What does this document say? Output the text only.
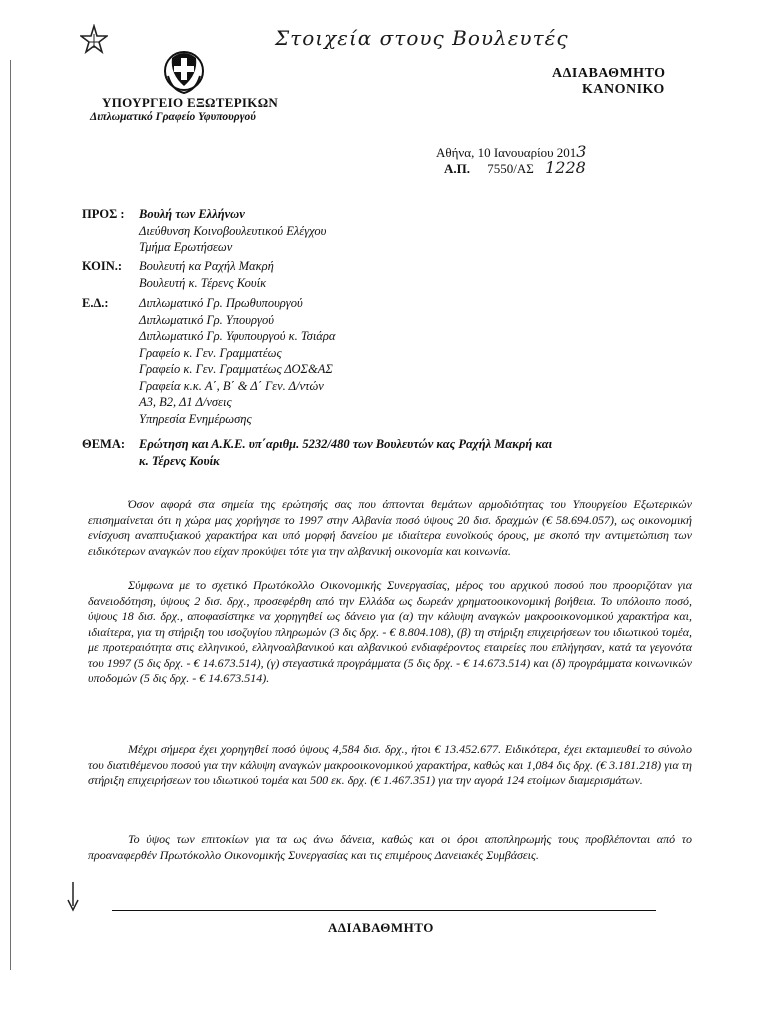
Στοιχεία στους Βουλευτές
ΥΠΟΥΡΓΕΙΟ ΕΞΩΤΕΡΙΚΩΝ
Διπλωματικό Γραφείο Υφυπουργού
ΑΔΙΑΒΑΘΜΗΤΟ
ΚΑΝΟΝΙΚΟ
Αθήνα, 10 Ιανουαρίου 2013
Α.Π. 7550/ΑΣ 1228
ΠΡΟΣ : Βουλή των Ελλήνων
Διεύθυνση Κοινοβουλευτικού Ελέγχου
Τμήμα Ερωτήσεων
ΚΟΙΝ.: Βουλευτή κα Ραχήλ Μακρή
Βουλευτή κ. Τέρενς Κουίκ
Ε.Δ.: Διπλωματικό Γρ. Πρωθυπουργού
Διπλωματικό Γρ. Υπουργού
Διπλωματικό Γρ. Υφυπουργού κ. Τσιάρα
Γραφείο κ. Γεν. Γραμματέως
Γραφείο κ. Γεν. Γραμματέως ΔΟΣ&ΑΣ
Γραφεία κ.κ. Α΄, Β΄ & Δ΄ Γεν. Δ/ντών
Α3, Β2, Δ1 Δ/νσεις
Υπηρεσία Ενημέρωσης
ΘΕΜΑ: Ερώτηση και Α.Κ.Ε. υπ΄αριθμ. 5232/480 των Βουλευτών κας Ραχήλ Μακρή και
κ. Τέρενς Κουίκ
Όσον αφορά στα σημεία της ερώτησής σας που άπτονται θεμάτων αρμοδιότητας του Υπουργείου Εξωτερικών επισημαίνεται ότι η χώρα μας χορήγησε το 1997 στην Αλβανία ποσό ύψους 20 δισ. δραχμών (€ 58.694.057), ως οικονομική ενίσχυση αναπτυξιακού χαρακτήρα και υπό μορφή δανείου με ιδιαίτερα ευνοϊκούς όρους, με σκοπό την αντιμετώπιση των ειδικότερων αναγκών που είχαν προκύψει τότε για την αλβανική οικονομία και κοινωνία.
Σύμφωνα με το σχετικό Πρωτόκολλο Οικονομικής Συνεργασίας, μέρος του αρχικού ποσού που προοριζόταν για δανειοδότηση, ύψους 2 δισ. δρχ., προσεφέρθη από την Ελλάδα ως δωρεάν χρηματοοικονομική βοήθεια. Το υπόλοιπο ποσό, ύψους 18 δισ. δρχ., αποφασίστηκε να χορηγηθεί ως δάνειο για (α) την κάλυψη αναγκών μακροοικονομικού χαρακτήρα και, ιδιαίτερα, για τη στήριξη του ισοζυγίου πληρωμών (3 δις δρχ. - € 8.804.108), (β) τη στήριξη επιχειρήσεων του ιδιωτικού τομέα, με προτεραιότητα στις ελληνικού, ελληνοαλβανικού και αλβανικού ενδιαφέροντος εταιρείες που επλήγησαν, κατά τα γεγονότα του 1997 (5 δις δρχ. - € 14.673.514), (γ) στεγαστικά προγράμματα (5 δις δρχ. - € 14.673.514) και (δ) προγράμματα κοινωνικών υποδομών (5 δις δρχ. - € 14.673.514).
Μέχρι σήμερα έχει χορηγηθεί ποσό ύψους 4,584 δισ. δρχ., ήτοι € 13.452.677. Ειδικότερα, έχει εκταμιευθεί το σύνολο του διατιθέμενου ποσού για την κάλυψη αναγκών μακροοικονομικού χαρακτήρα, καθώς και 1,084 δις δρχ. (€ 3.181.218) για τη στήριξη επιχειρήσεων του ιδιωτικού τομέα και 500 εκ. δρχ. (€ 1.467.351) για την αγορά 124 ετοίμων διαμερισμάτων.
Το ύψος των επιτοκίων για τα ως άνω δάνεια, καθώς και οι όροι αποπληρωμής τους προβλέπονται από το προαναφερθέν Πρωτόκολλο Οικονομικής Συνεργασίας και τις επιμέρους Δανειακές Συμβάσεις.
ΑΔΙΑΒΑΘΜΗΤΟ
